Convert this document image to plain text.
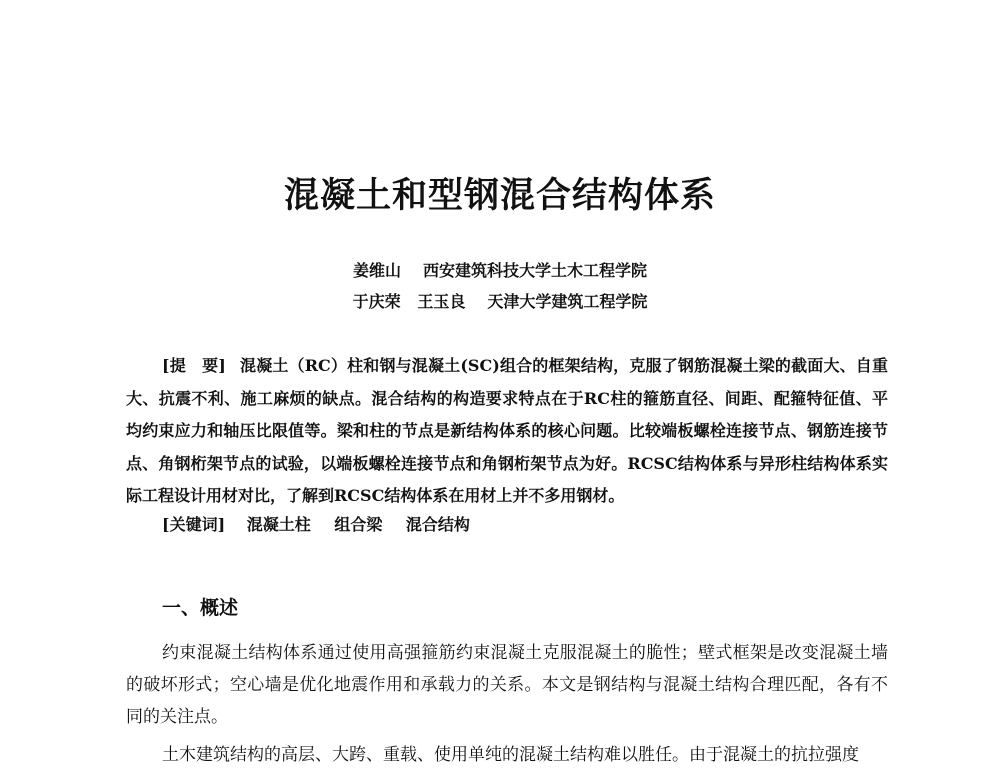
混凝土和型钢混合结构体系
姜维山 西安建筑科技大学土木工程学院
于庆荣   王玉良 天津大学建筑工程学院
[提　要] 混凝土（RC）柱和钢与混凝土(SC)组合的框架结构，克服了钢筋混凝土梁的截面大、自重大、抗震不利、施工麻烦的缺点。混合结构的构造要求特点在于RC柱的箍筋直径、间距、配箍特征值、平均约束应力和轴压比限值等。梁和柱的节点是新结构体系的核心问题。比较端板螺栓连接节点、钢筋连接节点、角钢桁架节点的试验，以端板螺栓连接节点和角钢桁架节点为好。RCSC结构体系与异形柱结构体系实际工程设计用材对比，了解到RCSC结构体系在用材上并不多用钢材。
[关键词] 混凝土柱 组合梁 混合结构
一、概述

约束混凝土结构体系通过使用高强箍筋约束混凝土克服混凝土的脆性；壁式框架是改变混凝土墙的破坏形式；空心墙是优化地震作用和承载力的关系。本文是钢结构与混凝土结构合理匹配，各有不同的关注点。

土木建筑结构的高层、大跨、重载、使用单纯的混凝土结构难以胜任。由于混凝土的抗拉强度
